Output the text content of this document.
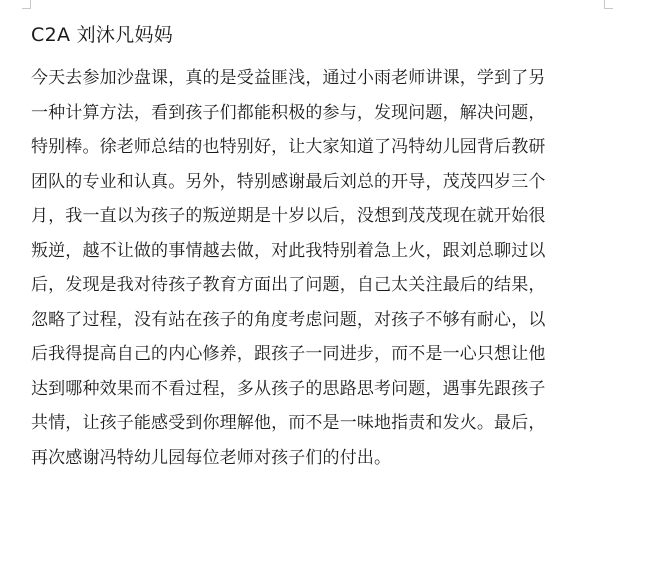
C2A 刘沐凡妈妈
今天去参加沙盘课，真的是受益匪浅，通过小雨老师讲课，学到了另
一种计算方法，看到孩子们都能积极的参与，发现问题，解决问题，
特别棒。徐老师总结的也特别好，让大家知道了冯特幼儿园背后教研
团队的专业和认真。另外，特别感谢最后刘总的开导，茂茂四岁三个
月，我一直以为孩子的叛逆期是十岁以后，没想到茂茂现在就开始很
叛逆，越不让做的事情越去做，对此我特别着急上火，跟刘总聊过以
后，发现是我对待孩子教育方面出了问题，自己太关注最后的结果，
忽略了过程，没有站在孩子的角度考虑问题，对孩子不够有耐心，以
后我得提高自己的内心修养，跟孩子一同进步，而不是一心只想让他
达到哪种效果而不看过程，多从孩子的思路思考问题，遇事先跟孩子
共情，让孩子能感受到你理解他，而不是一味地指责和发火。最后，
再次感谢冯特幼儿园每位老师对孩子们的付出。
